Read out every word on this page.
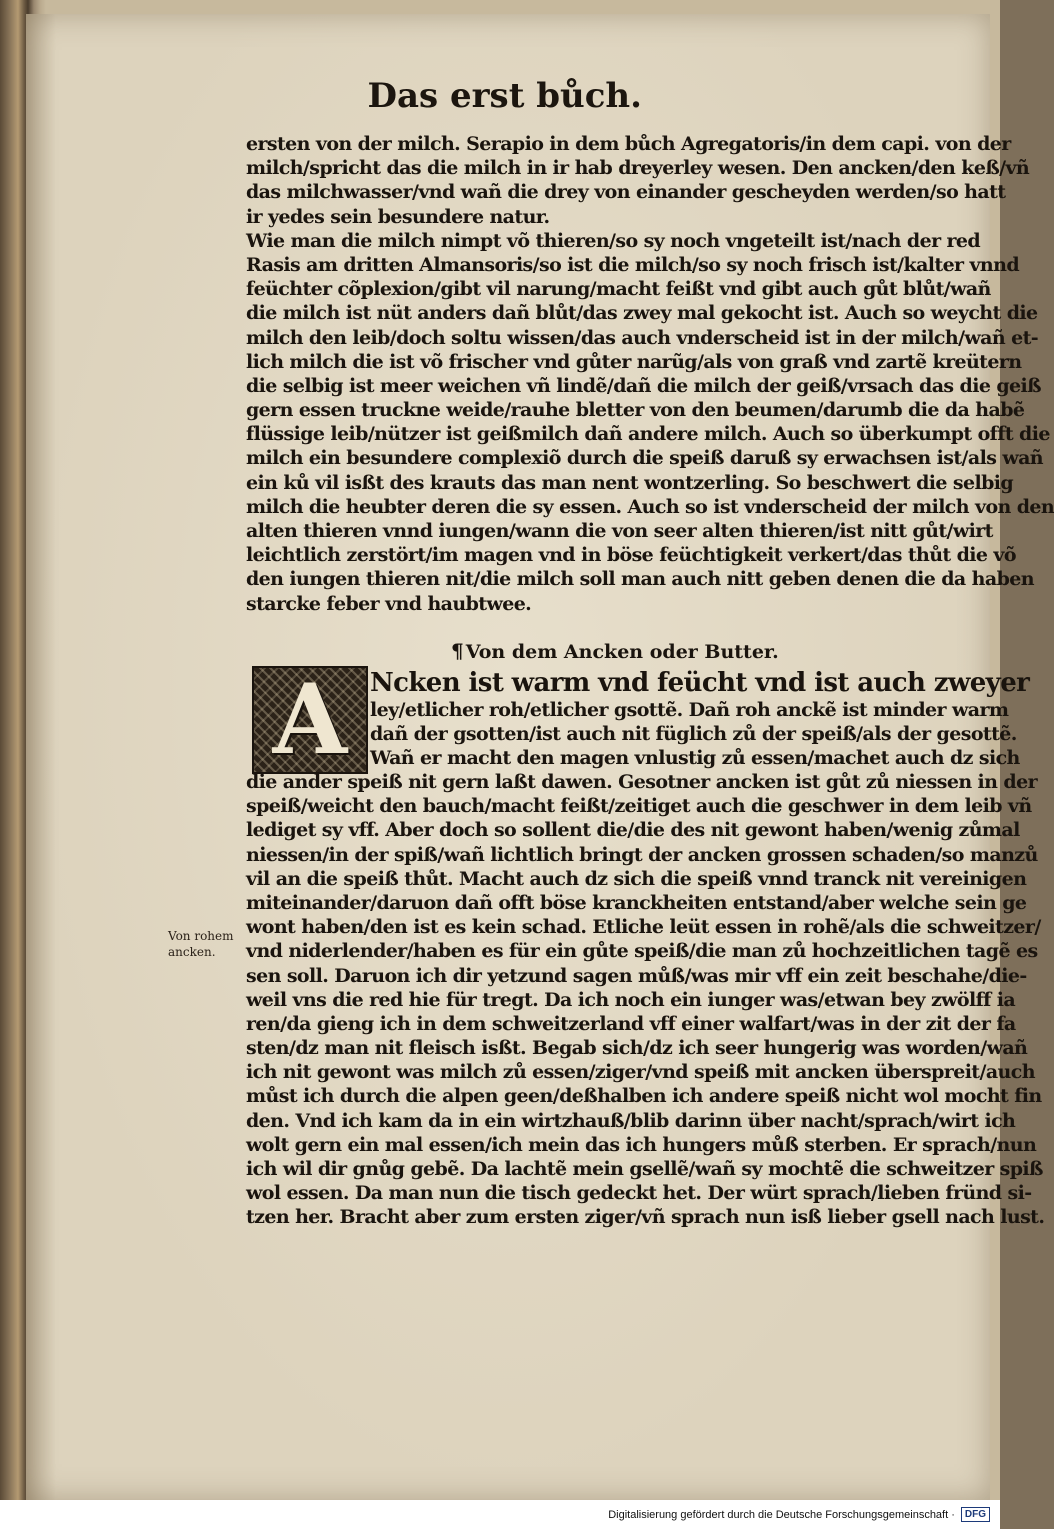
Das erst bůch.
ersten von der milch. Serapio in dem bůch Agregatoris/in dem capi. von der
milch/spricht das die milch in ir hab dreyerley wesen. Den ancken/den keß/vñ
das milchwasser/vnd wañ die drey von einander gescheyden werden/so hatt
ir yedes sein besundere natur.
Wie man die milch nimpt võ thieren/so sy noch vngeteilt ist/nach der red
Rasis am dritten Almansoris/so ist die milch/so sy noch frisch ist/kalter vnnd
feüchter cõplexion/gibt vil narung/macht feißt vnd gibt auch gůt blůt/wañ
die milch ist nüt anders dañ blůt/das zwey mal gekocht ist. Auch so weycht die
milch den leib/doch soltu wissen/das auch vnderscheid ist in der milch/wañ et‑
lich milch die ist võ frischer vnd gůter narũg/als von graß vnd zartẽ kreütern
die selbig ist meer weichen vñ lindẽ/dañ die milch der geiß/vrsach das die geiß
gern essen truckne weide/rauhe bletter von den beumen/darumb die da habẽ
flüssige leib/nützer ist geißmilch dañ andere milch. Auch so überkumpt offt die
milch ein besundere complexiõ durch die speiß daruß sy erwachsen ist/als wañ
ein ků vil isßt des krauts das man nent wontzerling. So beschwert die selbig
milch die heubter deren die sy essen. Auch so ist vnderscheid der milch von den
alten thieren vnnd iungen/wann die von seer alten thieren/ist nitt gůt/wirt
leichtlich zerstört/im magen vnd in böse feüchtigkeit verkert/das thůt die võ
den iungen thieren nit/die milch soll man auch nitt geben denen die da haben
starcke feber vnd haubtwee.
¶ Von dem Ancken oder Butter.
A Ncken ist warm vnd feücht vnd ist auch zweyer
ley/etlicher roh/etlicher gsottẽ. Dañ roh anckẽ ist minder warm
dañ der gsotten/ist auch nit füglich zů der speiß/als der gesottẽ.
Wañ er macht den magen vnlustig zů essen/machet auch dz sich
die ander speiß nit gern laßt dawen. Gesotner ancken ist gůt zů niessen in der
speiß/weicht den bauch/macht feißt/zeitiget auch die geschwer in dem leib vñ
lediget sy vff. Aber doch so sollent die/die des nit gewont haben/wenig zůmal
niessen/in der spiß/wañ lichtlich bringt der ancken grossen schaden/so manzů
vil an die speiß thůt. Macht auch dz sich die speiß vnnd tranck nit vereinigen
miteinander/daruon dañ offt böse kranckheiten entstand/aber welche sein ge
wont haben/den ist es kein schad. Etliche leüt essen in rohẽ/als die schweitzer/
vnd niderlender/haben es für ein gůte speiß/die man zů hochzeitlichen tagẽ es
sen soll. Daruon ich dir yetzund sagen můß/was mir vff ein zeit beschahe/die‑
weil vns die red hie für tregt. Da ich noch ein iunger was/etwan bey zwölff ia
ren/da gieng ich in dem schweitzerland vff einer walfart/was in der zit der fa
sten/dz man nit fleisch isßt. Begab sich/dz ich seer hungerig was worden/wañ
ich nit gewont was milch zů essen/ziger/vnd speiß mit ancken überspreit/auch
můst ich durch die alpen geen/deßhalben ich andere speiß nicht wol mocht fin
den. Vnd ich kam da in ein wirtzhauß/blib darinn über nacht/sprach/wirt ich
wolt gern ein mal essen/ich mein das ich hungers můß sterben. Er sprach/nun
ich wil dir gnůg gebẽ. Da lachtẽ mein gsellẽ/wañ sy mochtẽ die schweitzer spiß
wol essen. Da man nun die tisch gedeckt het. Der würt sprach/lieben fründ si‑
tzen her. Bracht aber zum ersten ziger/vñ sprach nun isß lieber gsell nach lust.
Von rohem
ancken.
Digitalisierung gefördert durch die Deutsche Forschungsgemeinschaft ·	DFG
